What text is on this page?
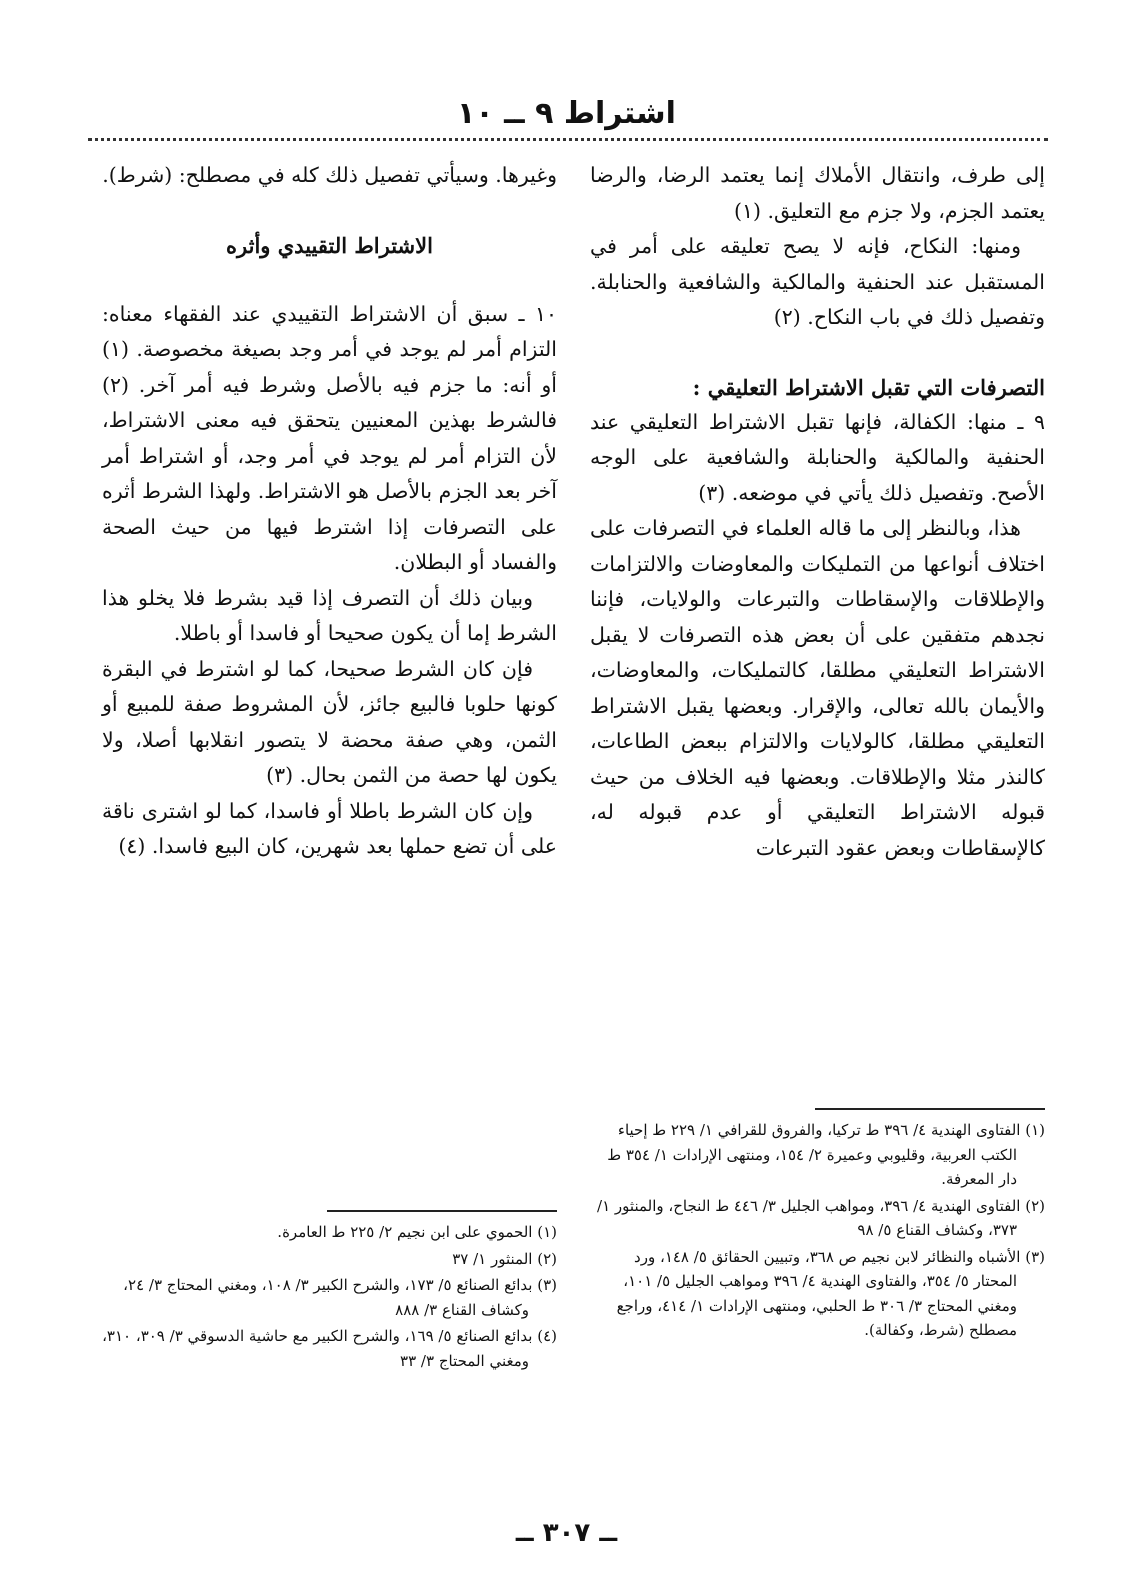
اشتراط ٩ ــ ١٠

إلى طرف، وانتقال الأملاك إنما يعتمد الرضا، والرضا يعتمد الجزم، ولا جزم مع التعليق. (١)

ومنها: النكاح، فإنه لا يصح تعليقه على أمر في المستقبل عند الحنفية والمالكية والشافعية والحنابلة. وتفصيل ذلك في باب النكاح. (٢)

التصرفات التي تقبل الاشتراط التعليقي :

٩ ـ منها: الكفالة، فإنها تقبل الاشتراط التعليقي عند الحنفية والمالكية والحنابلة والشافعية على الوجه الأصح. وتفصيل ذلك يأتي في موضعه. (٣)

هذا، وبالنظر إلى ما قاله العلماء في التصرفات على اختلاف أنواعها من التمليكات والمعاوضات والالتزامات والإطلاقات والإسقاطات والتبرعات والولايات، فإننا نجدهم متفقين على أن بعض هذه التصرفات لا يقبل الاشتراط التعليقي مطلقا، كالتمليكات، والمعاوضات، والأيمان بالله تعالى، والإقرار. وبعضها يقبل الاشتراط التعليقي مطلقا، كالولايات والالتزام ببعض الطاعات، كالنذر مثلا والإطلاقات. وبعضها فيه الخلاف من حيث قبوله الاشتراط التعليقي أو عدم قبوله له، كالإسقاطات وبعض عقود التبرعات

وغيرها. وسيأتي تفصيل ذلك كله في مصطلح: (شرط).

الاشتراط التقييدي وأثره

١٠ ـ سبق أن الاشتراط التقييدي عند الفقهاء معناه: التزام أمر لم يوجد في أمر وجد بصيغة مخصوصة. (١) أو أنه: ما جزم فيه بالأصل وشرط فيه أمر آخر. (٢) فالشرط بهذين المعنيين يتحقق فيه معنى الاشتراط، لأن التزام أمر لم يوجد في أمر وجد، أو اشتراط أمر آخر بعد الجزم بالأصل هو الاشتراط. ولهذا الشرط أثره على التصرفات إذا اشترط فيها من حيث الصحة والفساد أو البطلان.

وبيان ذلك أن التصرف إذا قيد بشرط فلا يخلو هذا الشرط إما أن يكون صحيحا أو فاسدا أو باطلا.

فإن كان الشرط صحيحا، كما لو اشترط في البقرة كونها حلوبا فالبيع جائز، لأن المشروط صفة للمبيع أو الثمن، وهي صفة محضة لا يتصور انقلابها أصلا، ولا يكون لها حصة من الثمن بحال. (٣)

وإن كان الشرط باطلا أو فاسدا، كما لو اشترى ناقة على أن تضع حملها بعد شهرين، كان البيع فاسدا. (٤)

(١) الفتاوى الهندية ٤/ ٣٩٦ ط تركيا، والفروق للقرافي ١/ ٢٢٩ ط إحياء الكتب العربية، وقليوبي وعميرة ٢/ ١٥٤، ومنتهى الإرادات ١/ ٣٥٤ ط دار المعرفة.

(٢) الفتاوى الهندية ٤/ ٣٩٦، ومواهب الجليل ٣/ ٤٤٦ ط النجاح، والمنثور ١/ ٣٧٣، وكشاف القناع ٥/ ٩٨

(٣) الأشباه والنظائر لابن نجيم ص ٣٦٨، وتبيين الحقائق ٥/ ١٤٨، ورد المحتار ٥/ ٣٥٤، والفتاوى الهندية ٤/ ٣٩٦ ومواهب الجليل ٥/ ١٠١، ومغني المحتاج ٣/ ٣٠٦ ط الحلبي، ومنتهى الإرادات ١/ ٤١٤، وراجع مصطلح (شرط، وكفالة).

(١) الحموي على ابن نجيم ٢/ ٢٢٥ ط العامرة.

(٢) المنثور ١/ ٣٧

(٣) بدائع الصنائع ٥/ ١٧٣، والشرح الكبير ٣/ ١٠٨، ومغني المحتاج ٣/ ٢٤، وكشاف القناع ٣/ ٨٨٨

(٤) بدائع الصنائع ٥/ ١٦٩، والشرح الكبير مع حاشية الدسوقي ٣/ ٣٠٩، ٣١٠، ومغني المحتاج ٣/ ٣٣

ــ ٣٠٧ ــ
